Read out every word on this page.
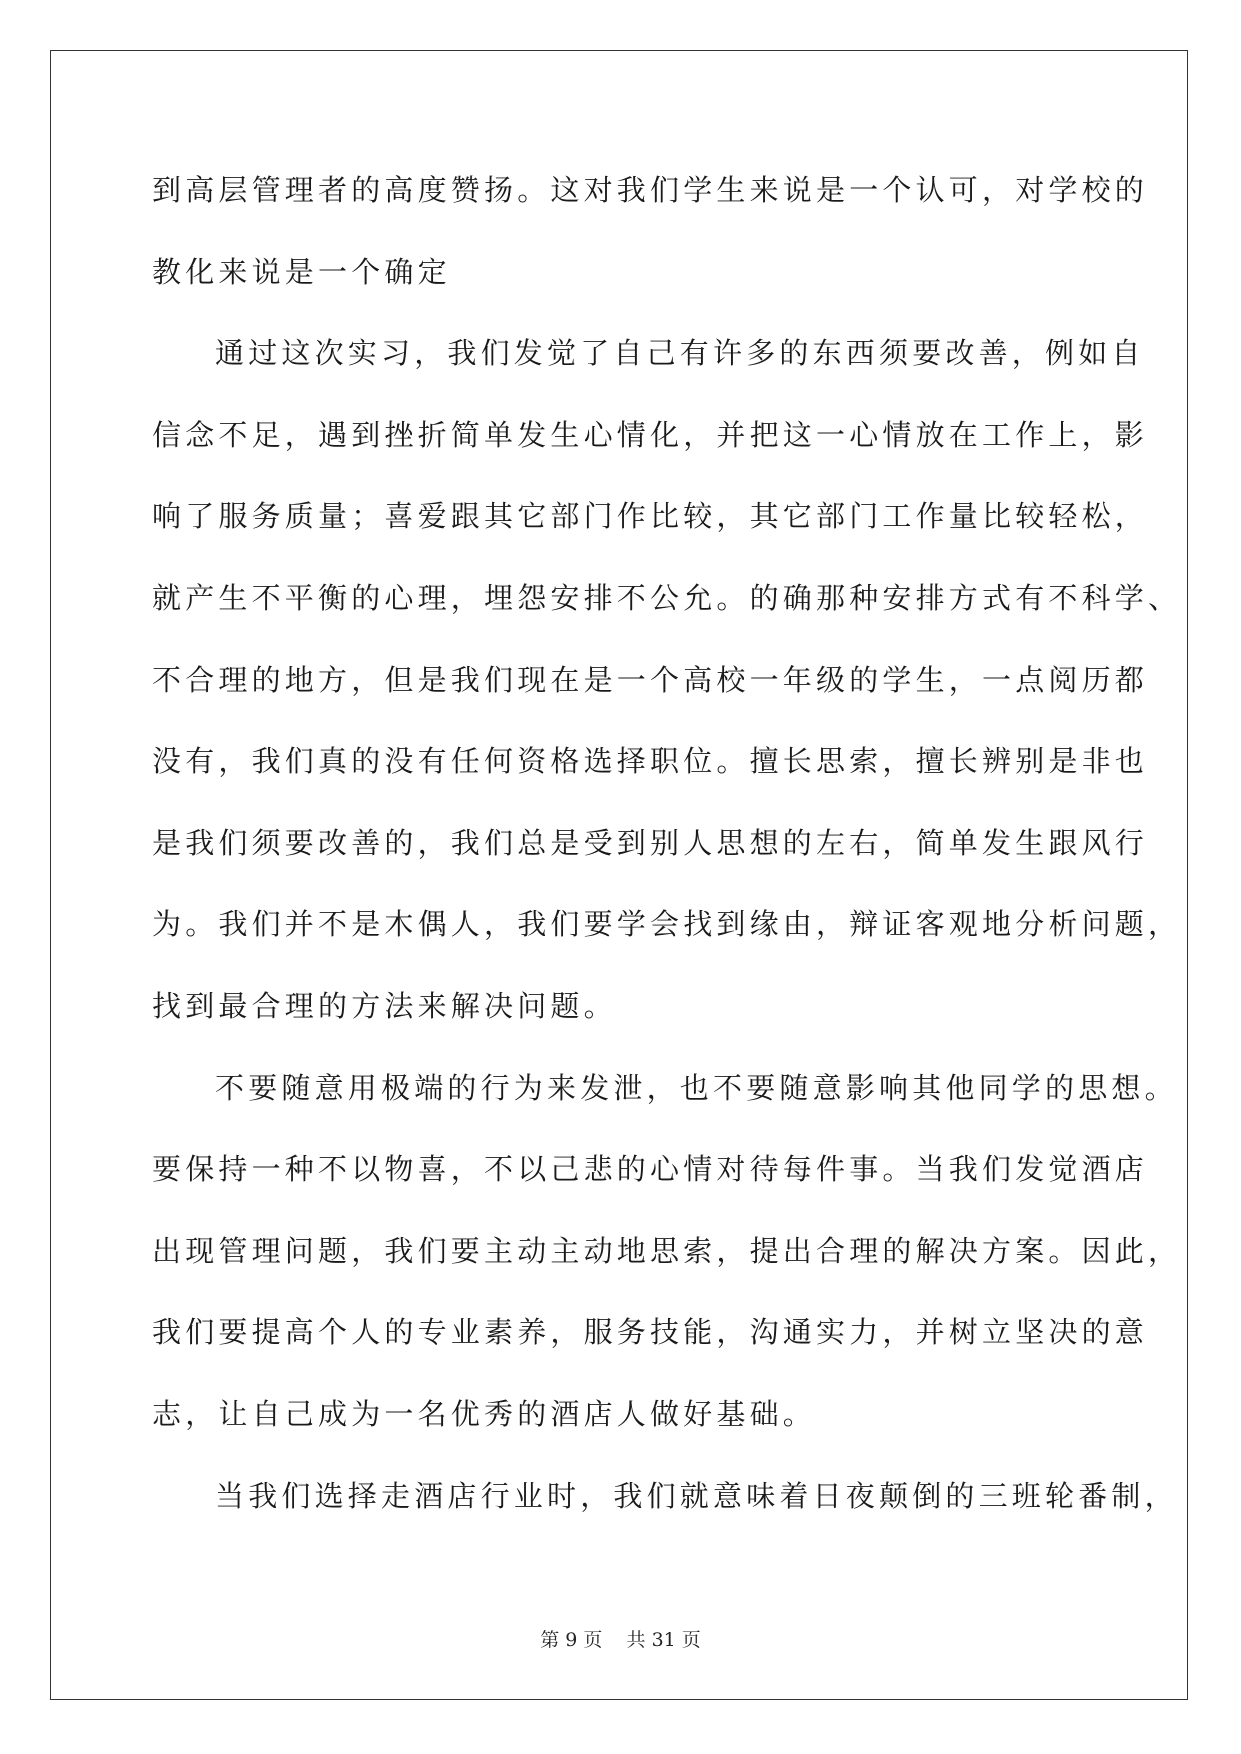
到高层管理者的高度赞扬。这对我们学生来说是一个认可，对学校的
教化来说是一个确定
通过这次实习，我们发觉了自己有许多的东西须要改善，例如自
信念不足，遇到挫折简单发生心情化，并把这一心情放在工作上，影
响了服务质量；喜爱跟其它部门作比较，其它部门工作量比较轻松，
就产生不平衡的心理，埋怨安排不公允。的确那种安排方式有不科学、
不合理的地方，但是我们现在是一个高校一年级的学生，一点阅历都
没有，我们真的没有任何资格选择职位。擅长思索，擅长辨别是非也
是我们须要改善的，我们总是受到别人思想的左右，简单发生跟风行
为。我们并不是木偶人，我们要学会找到缘由，辩证客观地分析问题，
找到最合理的方法来解决问题。
不要随意用极端的行为来发泄，也不要随意影响其他同学的思想。
要保持一种不以物喜，不以己悲的心情对待每件事。当我们发觉酒店
出现管理问题，我们要主动主动地思索，提出合理的解决方案。因此，
我们要提高个人的专业素养，服务技能，沟通实力，并树立坚决的意
志，让自己成为一名优秀的酒店人做好基础。
当我们选择走酒店行业时，我们就意味着日夜颠倒的三班轮番制，
第 9 页    共 31 页
